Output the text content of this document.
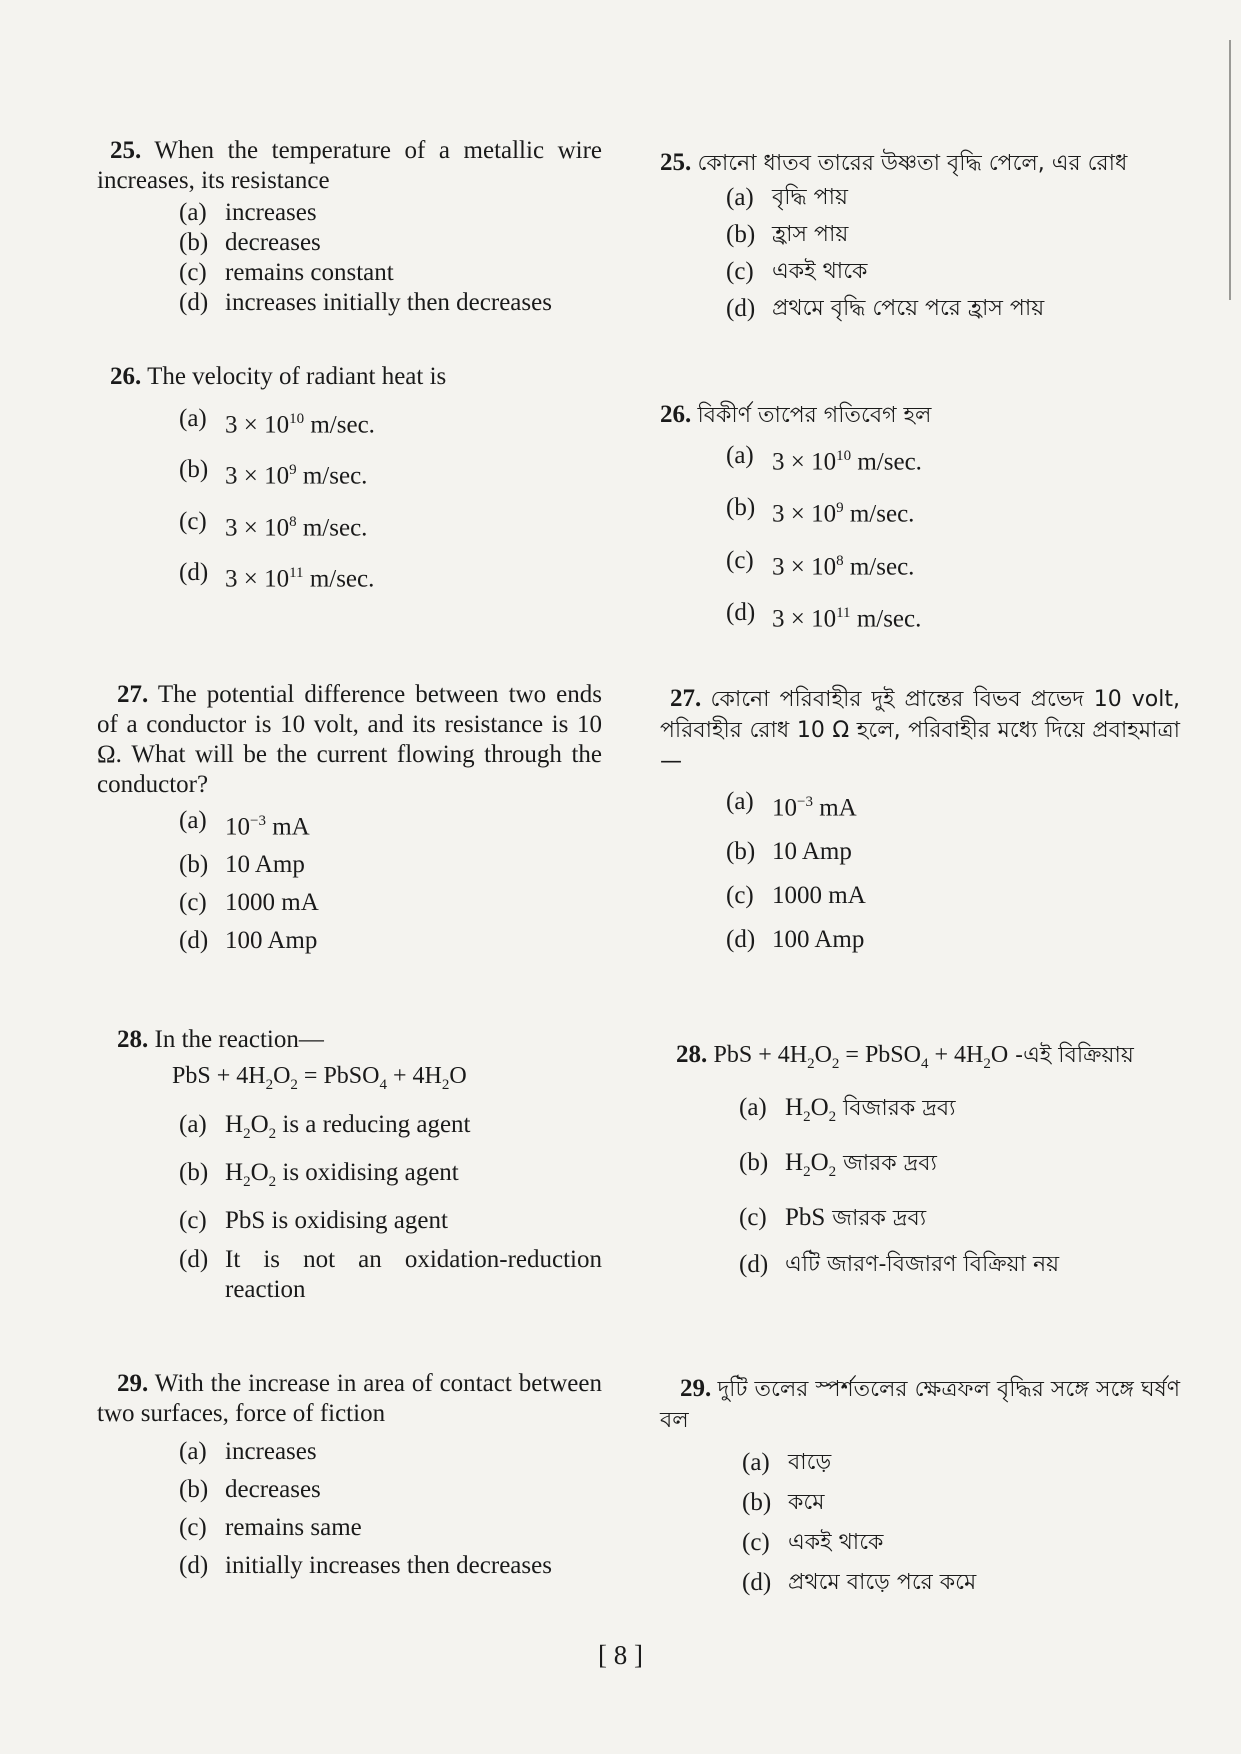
25. When the temperature of a metallic wire increases, its resistance

(a) increases
(b) decreases
(c) remains constant
(d) increases initially then decreases

26. The velocity of radiant heat is

(a) $3 \times 10^{10}$ m/sec.
(b) $3 \times 10^9$ m/sec.
(c) $3 \times 10^8$ m/sec.
(d) $3 \times 10^{11}$ m/sec.

27. The potential difference between two ends of a conductor is 10 volt, and its resistance is 10 Ω. What will be the current flowing through the conductor?

(a) $10^{-3}$ mA
(b) 10 Amp
(c) 1000 mA
(d) 100 Amp

28. In the reaction—

PbS + $4H_2O_2$ = PbSO$_4$ + $4H_2O$
(a) $H_2O_2$ is a reducing agent
(b) $H_2O_2$ is oxidising agent
(c) PbS is oxidising agent
(d) It is not an oxidation-reduction reaction

29. With the increase in area of contact between two surfaces, force of fiction

(a) increases
(b) decreases
(c) remains same
(d) initially increases then decreases

25. কোনো ধাতব তারের উষ্ণতা বৃদ্ধি পেলে, এর রোধ

(a) বৃদ্ধি পায়
(b) হ্রাস পায়
(c) একই থাকে
(d) প্রথমে বৃদ্ধি পেয়ে পরে হ্রাস পায়

26. বিকীর্ণ তাপের গতিবেগ হল

(a) $3 \times 10^{10}$ m/sec.
(b) $3 \times 10^9$ m/sec.
(c) $3 \times 10^8$ m/sec.
(d) $3 \times 10^{11}$ m/sec.

27. কোনো পরিবাহীর দুই প্রান্তের বিভব প্রভেদ 10 volt, পরিবাহীর রোধ 10 Ω হলে, পরিবাহীর মধ্যে দিয়ে প্রবাহমাত্রা—

(a) $10^{-3}$ mA
(b) 10 Amp
(c) 1000 mA
(d) 100 Amp

28. PbS + $4H_2O_2$ = PbSO$_4$ + $4H_2O$ -এই বিক্রিয়ায়

(a) $H_2O_2$ বিজারক দ্রব্য
(b) $H_2O_2$ জারক দ্রব্য
(c) PbS জারক দ্রব্য
(d) এটি জারণ-বিজারণ বিক্রিয়া নয়

29. দুটি তলের স্পর্শতলের ক্ষেত্রফল বৃদ্ধির সঙ্গে সঙ্গে ঘর্ষণ বল

(a) বাড়ে
(b) কমে
(c) একই থাকে
(d) প্রথমে বাড়ে পরে কমে
[ 8 ]
